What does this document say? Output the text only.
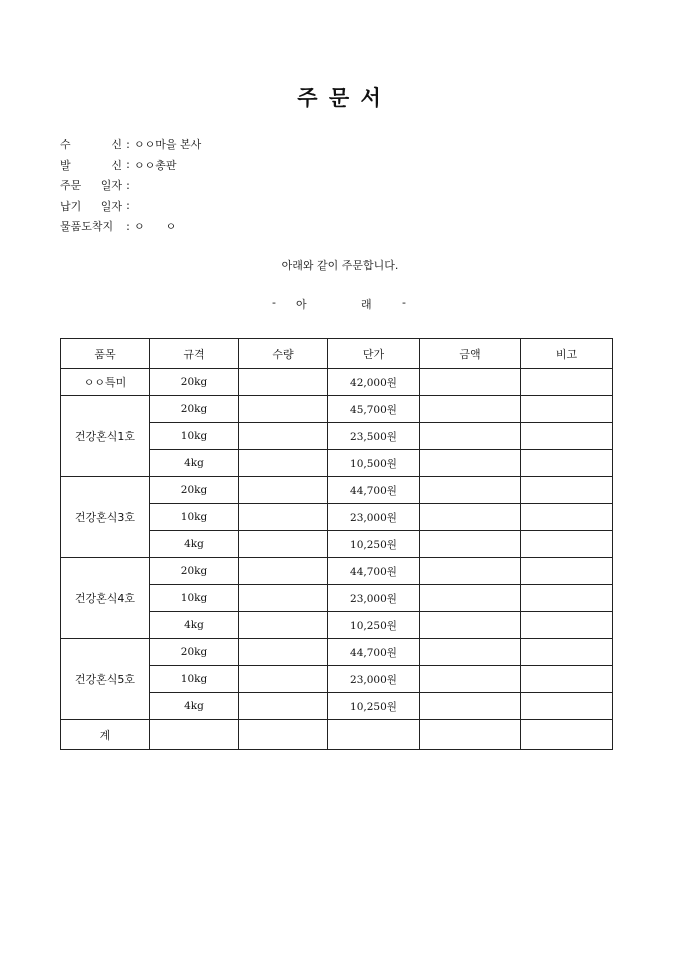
주 문 서
수	신 : ㅇㅇ마을 본사
발	신 : ㅇㅇ총판
주문 일자 :
납기 일자 :
물품도착지	: ㅇ      ㅇ
아래와 같이 주문합니다.
- 아	래	-
품목	규격	수량	단가	금액	비고
ㅇㅇ특미	20kg		42,000원		
건강혼식1호	20kg		45,700원		
	10kg		23,500원		
	4kg		10,500원		
건강혼식3호	20kg		44,700원		
	10kg		23,000원		
	4kg		10,250원		
건강혼식4호	20kg		44,700원		
	10kg		23,000원		
	4kg		10,250원		
건강혼식5호	20kg		44,700원		
	10kg		23,000원		
	4kg		10,250원		
계					
